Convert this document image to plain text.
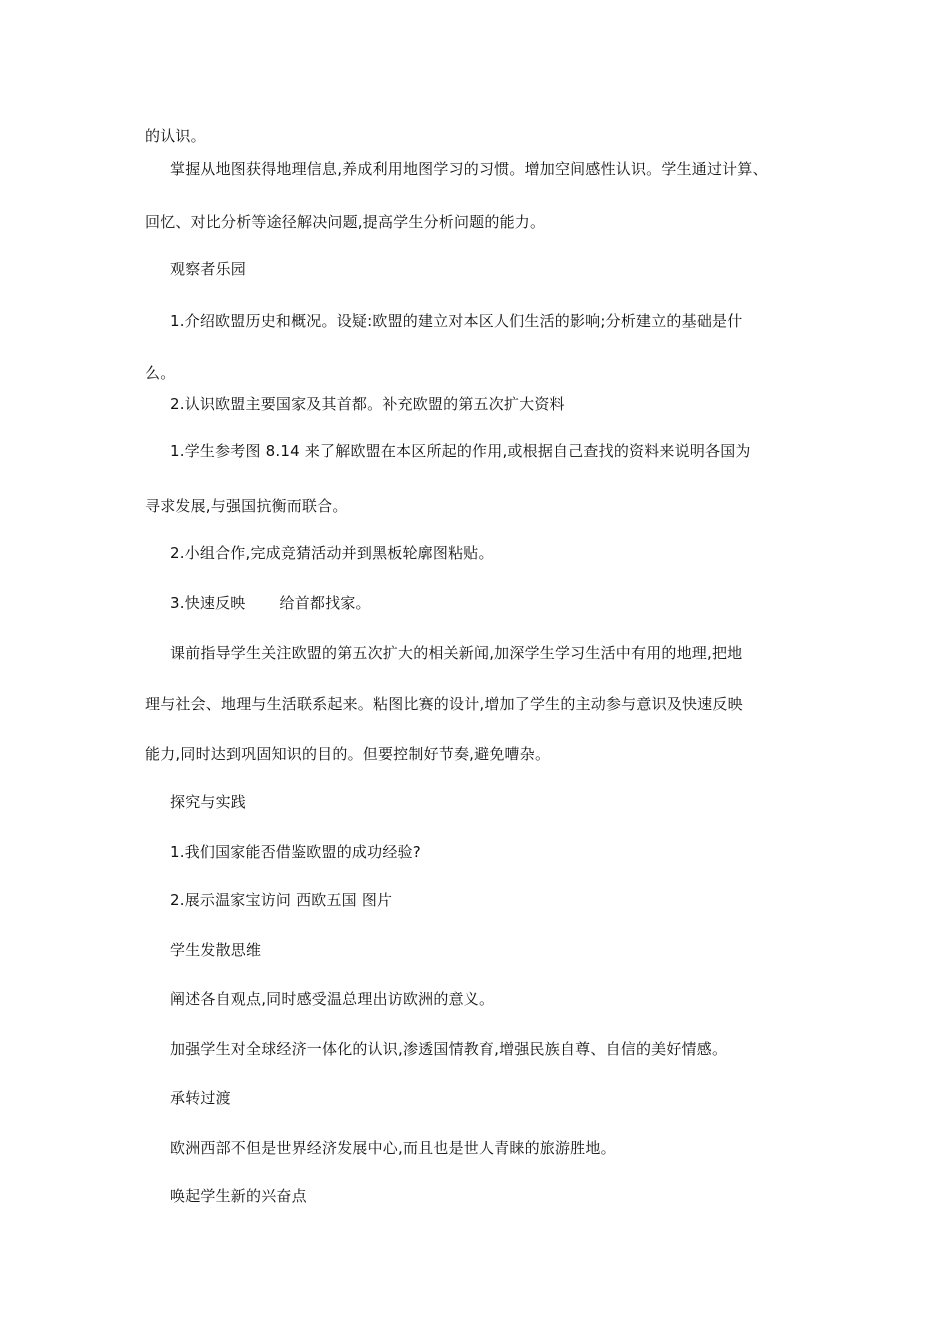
的认识。
掌握从地图获得地理信息,养成利用地图学习的习惯。增加空间感性认识。学生通过计算、
回忆、对比分析等途径解决问题,提高学生分析问题的能力。
观察者乐园
1.介绍欧盟历史和概况。设疑:欧盟的建立对本区人们生活的影响;分析建立的基础是什
么。
2.认识欧盟主要国家及其首都。补充欧盟的第五次扩大资料
1.学生参考图 8.14 来了解欧盟在本区所起的作用,或根据自己查找的资料来说明各国为
寻求发展,与强国抗衡而联合。
2.小组合作,完成竞猜活动并到黑板轮廓图粘贴。
3.快速反映 给首都找家。
课前指导学生关注欧盟的第五次扩大的相关新闻,加深学生学习生活中有用的地理,把地
理与社会、地理与生活联系起来。粘图比赛的设计,增加了学生的主动参与意识及快速反映
能力,同时达到巩固知识的目的。但要控制好节奏,避免嘈杂。
探究与实践
1.我们国家能否借鉴欧盟的成功经验?
2.展示温家宝访问 西欧五国 图片
学生发散思维
阐述各自观点,同时感受温总理出访欧洲的意义。
加强学生对全球经济一体化的认识,渗透国情教育,增强民族自尊、自信的美好情感。
承转过渡
欧洲西部不但是世界经济发展中心,而且也是世人青睐的旅游胜地。
唤起学生新的兴奋点
